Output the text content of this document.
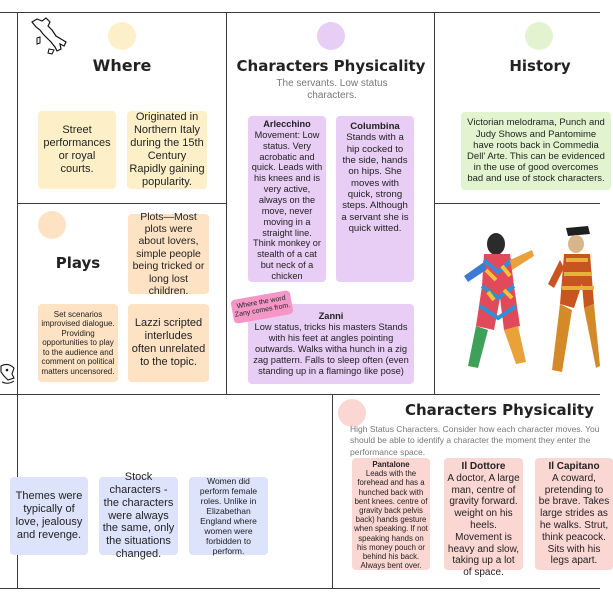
Where
Street performances or royal courts.
Originated in Northern Italy during the 15th Century Rapidly gaining popularity.
Plays
Plots—Most plots were about lovers, simple people being tricked or long lost children.
Set scenarios improvised dialogue. Providing opportunities to play to the audience and comment on political matters uncensored.
Lazzi scripted interludes often unrelated to the topic.
Characters Physicality
The servants. Low status characters.
Arlecchino
Movement: Low status. Very acrobatic and quick. Leads with his knees and is very active, always on the move, never moving in a straight line. Think monkey or stealth of a cat but neck of a chicken
Columbina
Stands with a hip cocked to the side, hands on hips. She moves with quick, strong steps. Although a servant she is quick witted.
Zanni
Low status, tricks his masters Stands with his feet at angles pointing outwards. Walks witha hunch in a zig zag pattern. Falls to sleep often (even standing up in a flamingo like pose)
Where the word Zany comes from.
History
Victorian melodrama, Punch and Judy Shows and Pantomime have roots back in Commedia Dell' Arte. This can be evidenced in the use of good overcomes bad and use of stock characters.
Themes were typically of love, jealousy and revenge.
Stock characters - the characters were always the same, only the situations changed.
Women did perform female roles. Unlike in Elizabethan England where women were forbidden to perform.
Characters Physicality
High Status Characters. Consider how each character moves. You should be able to identify a character the moment they enter the performance space.
Pantalone
Leads with the forehead and has a hunched back with bent knees. centre of gravity back pelvis back) hands gesture when speaking. If not speaking hands on his money pouch or behind his back. Always bent over.
Il Dottore
A doctor, A large man, centre of gravity forward. weight on his heels. Movement is heavy and slow, taking up a lot of space.
Il Capitano
A coward, pretending to be brave. Takes large strides as he walks. Strut, think peacock. Sits with his legs apart.
